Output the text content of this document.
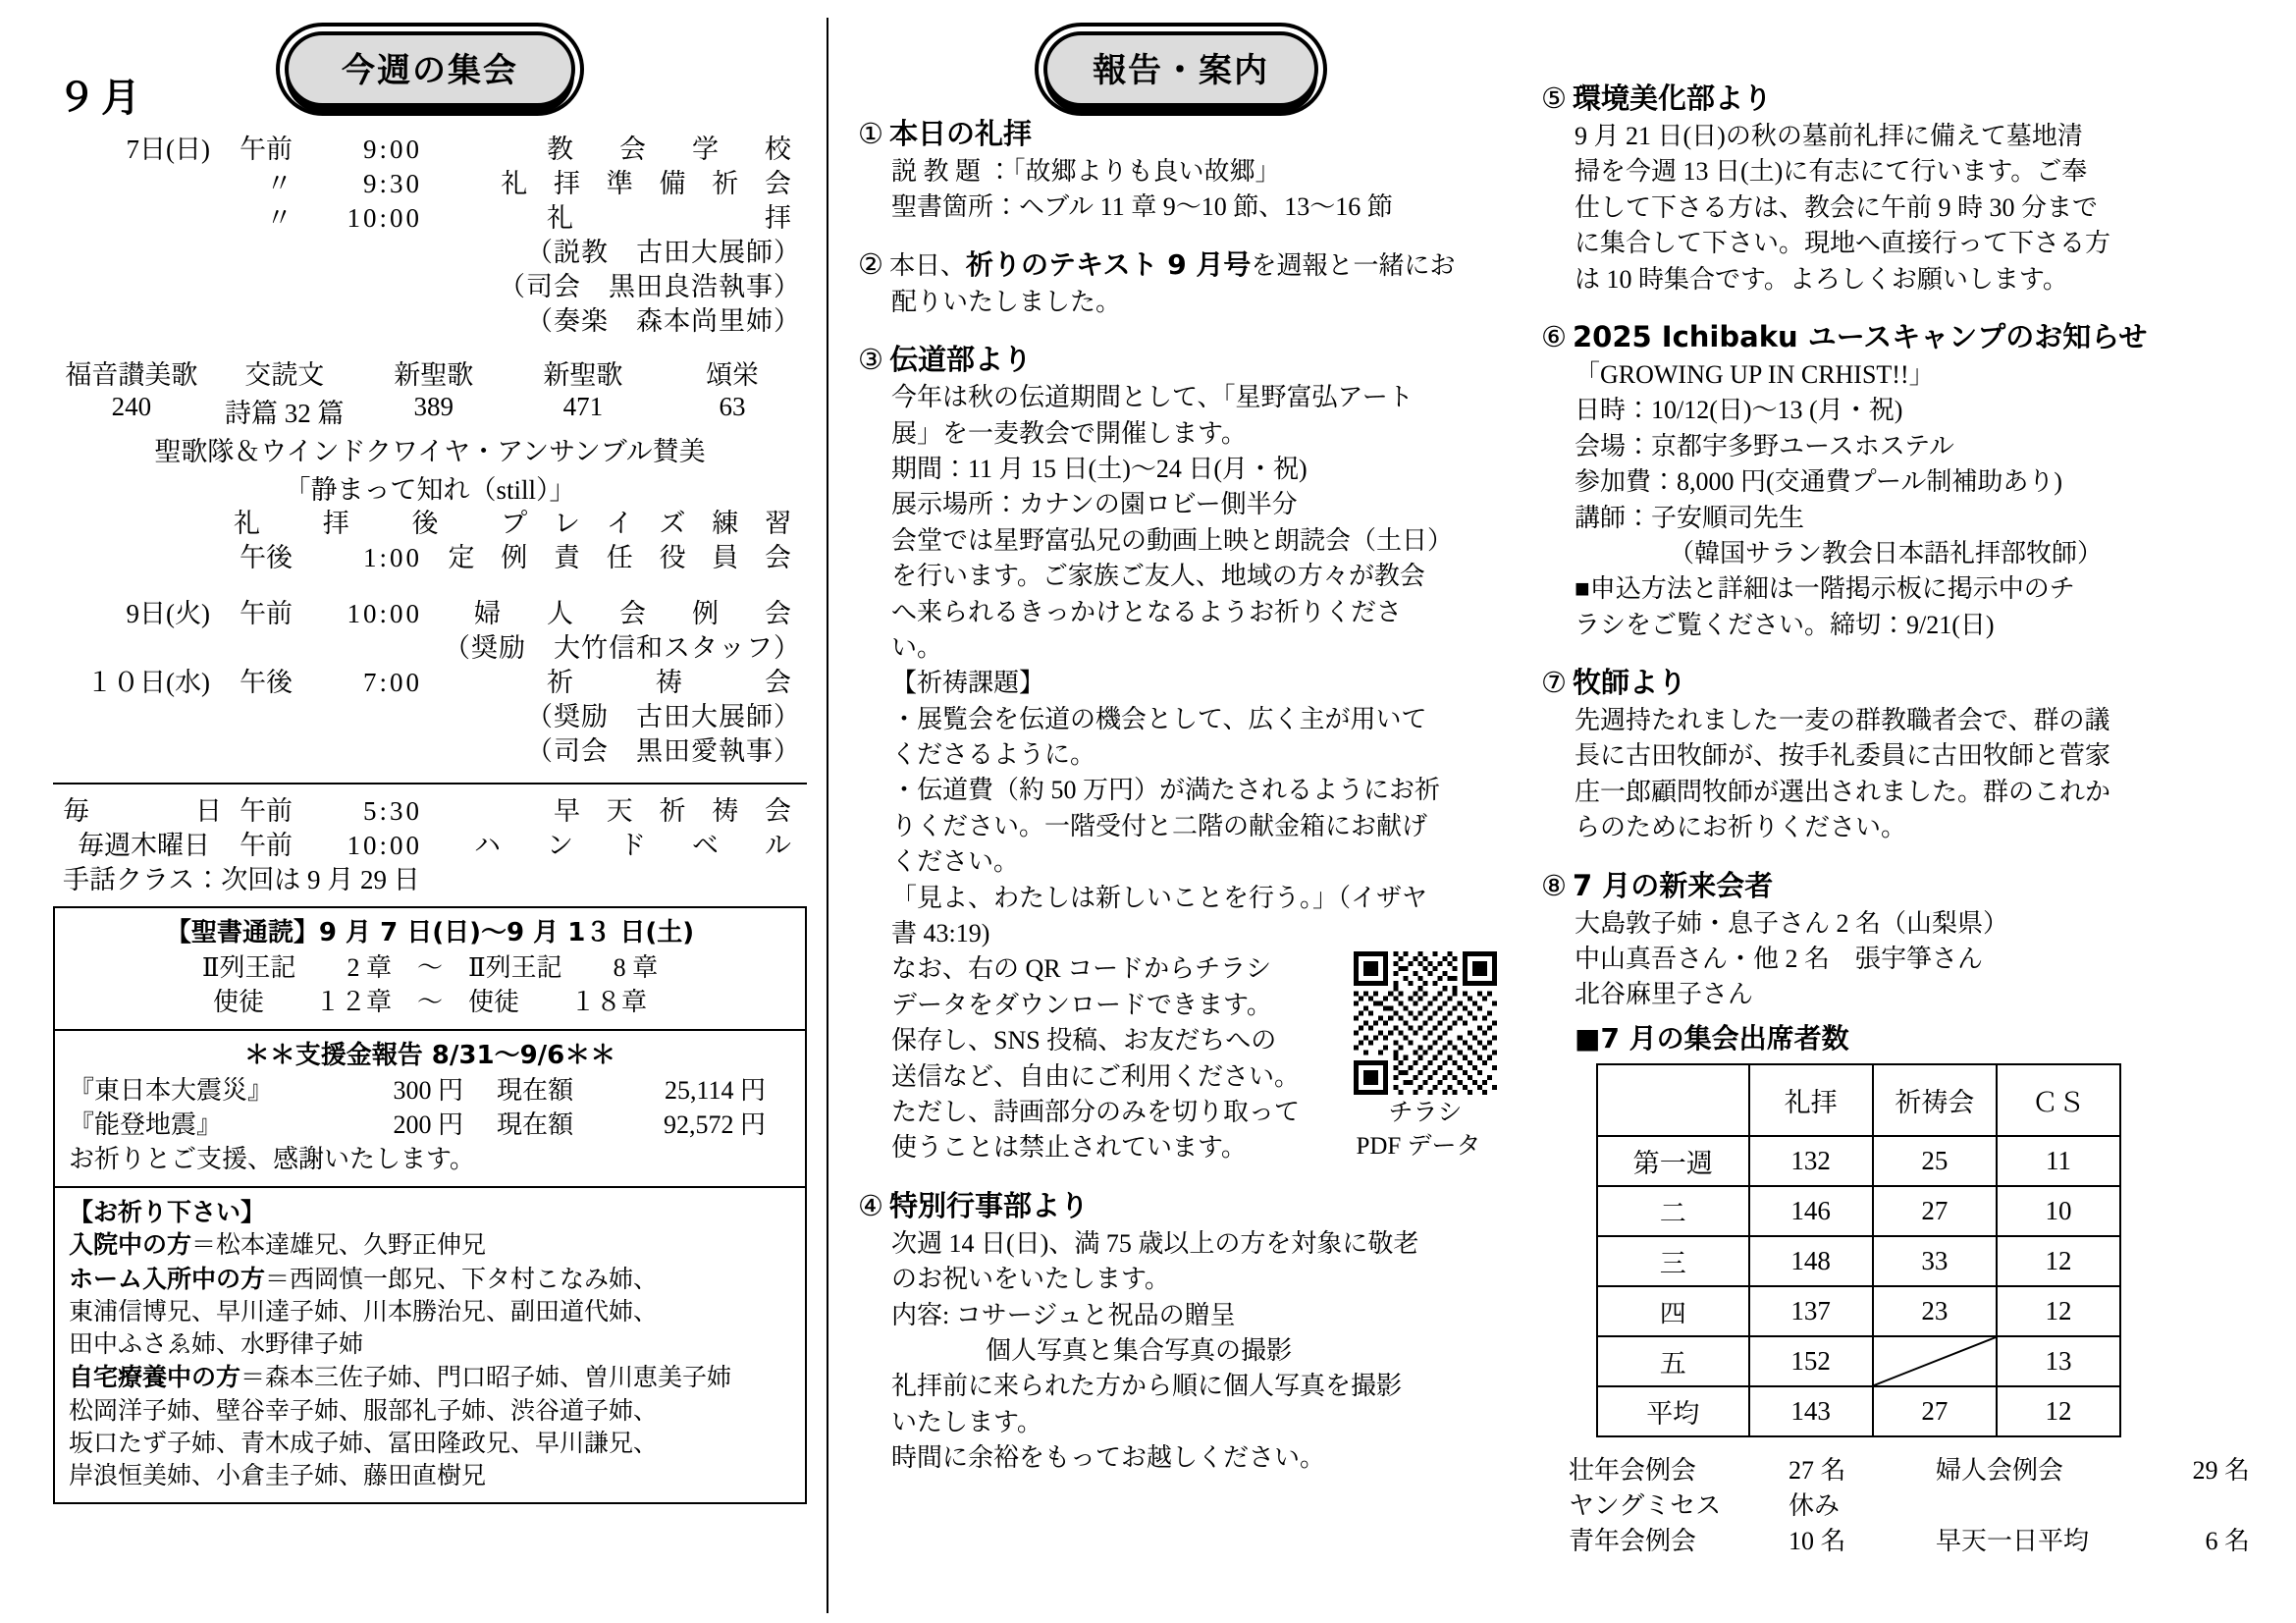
今週の集会
９月
7日(日)	午前	9:00	教　会　学　校
〃	9:30	礼 拝 準 備 祈 会
〃	10:00	礼　　　　　拝
（説教　古田大展師）
（司会　黒田良浩執事）
（奏楽　森本尚里姉）
福音讃美歌	交読文	新聖歌	新聖歌	頌栄
240	詩篇 32 篇	389	471	63
聖歌隊＆ウインドクワイヤ・アンサンブル賛美
「静まって知れ（still）」
礼 　拝 　後 　プ レ イ ズ 練 習
午後	1:00 定 例 責 任 役 員 会
9日(火)	午前	10:00	婦　人　会　例　会
（奨励　大竹信和スタッフ）
１０日(水)	午後	7:00	祈　　祷　　会
（奨励　古田大展師）
（司会　黒田愛執事）
毎　　　　日 午前	5:30	早 天 祈 祷 会
毎週木曜日	午前	10:00	ハ　ン　ド　ベ　ル
手話クラス：次回は 9 月 29 日
【聖書通読】9 月 7 日(日)～9 月 1３ 日(土)
Ⅱ列王記　　2 章　～　Ⅱ列王記　　8 章
使徒　　１２章　～　使徒　　１８章
＊＊支援金報告 8/31～9/6＊＊
『東日本大震災』	300 円	現在額	25,114 円
『能登地震』	200 円	現在額	92,572 円
お祈りとご支援、感謝いたします。
【お祈り下さい】
入院中の方＝松本達雄兄、久野正伸兄
ホーム入所中の方＝西岡慎一郎兄、下タ村こなみ姉、
東浦信博兄、早川達子姉、川本勝治兄、副田道代姉、
田中ふさゑ姉、水野律子姉
自宅療養中の方＝森本三佐子姉、門口昭子姉、曽川恵美子姉
松岡洋子姉、壁谷幸子姉、服部礼子姉、渋谷道子姉、
坂口たず子姉、青木成子姉、冨田隆政兄、早川謙兄、
岸浪恒美姉、小倉圭子姉、藤田直樹兄
報告・案内
① 本日の礼拝
説 教 題 ：「故郷よりも良い故郷」
聖書箇所：ヘブル 11 章 9～10 節、13～16 節
② 本日、 祈りのテキスト 9 月号 を週報と一緒にお
配りいたしました。
③ 伝道部より
今年は秋の伝道期間として、「星野富弘アート
展」を一麦教会で開催します。
期間：11 月 15 日(土)～24 日(月・祝)
展示場所：カナンの園ロビー側半分
会堂では星野富弘兄の動画上映と朗読会（土日）
を行います。ご家族ご友人、地域の方々が教会
へ来られるきっかけとなるようお祈りくださ
い。
【祈祷課題】
・展覧会を伝道の機会として、広く主が用いて
くださるように。
・伝道費（約 50 万円）が満たされるようにお祈
りください。一階受付と二階の献金箱にお献げ
ください。
「見よ、わたしは新しいことを行う。」（イザヤ
書 43:19)
なお、右の QR コードからチラシ
データをダウンロードできます。
保存し、SNS 投稿、お友だちへの
送信など、自由にご利用ください。
ただし、詩画部分のみを切り取って
使うことは禁止されています。
チラシ
PDF データ
④ 特別行事部より
次週 14 日(日)、満 75 歳以上の方を対象に敬老
のお祝いをいたします。
内容: コサージュと祝品の贈呈
個人写真と集合写真の撮影
礼拝前に来られた方から順に個人写真を撮影
いたします。
時間に余裕をもってお越しください。
⑤ 環境美化部より
9 月 21 日(日)の秋の墓前礼拝に備えて墓地清
掃を今週 13 日(土)に有志にて行います。ご奉
仕して下さる方は、教会に午前 9 時 30 分まで
に集合して下さい。現地へ直接行って下さる方
は 10 時集合です。よろしくお願いします。
⑥ 2025 Ichibaku ユースキャンプのお知らせ
「GROWING UP IN CRHIST!!」
日時：10/12(日)～13 (月・祝)
会場：京都宇多野ユースホステル
参加費：8,000 円(交通費プール制補助あり)
講師：子安順司先生
（韓国サラン教会日本語礼拝部牧師）
■申込方法と詳細は一階掲示板に掲示中のチ
ラシをご覧ください。締切：9/21(日)
⑦ 牧師より
先週持たれました一麦の群教職者会で、群の議
長に古田牧師が、按手礼委員に古田牧師と菅家
庄一郎顧問牧師が選出されました。群のこれか
らのためにお祈りください。
⑧ 7 月の新来会者
大島敦子姉・息子さん 2 名（山梨県）
中山真吾さん・他 2 名　張宇箏さん
北谷麻里子さん
■7 月の集会出席者数
	礼拝	祈祷会	ＣＳ
第一週	132	25	11
二	146	27	10
三	148	33	12
四	137	23	12
五	152		13
平均	143	27	12
壮年会例会	27 名	婦人会例会	29 名
ヤングミセス	休み
青年会例会	10 名	早天一日平均	6 名
